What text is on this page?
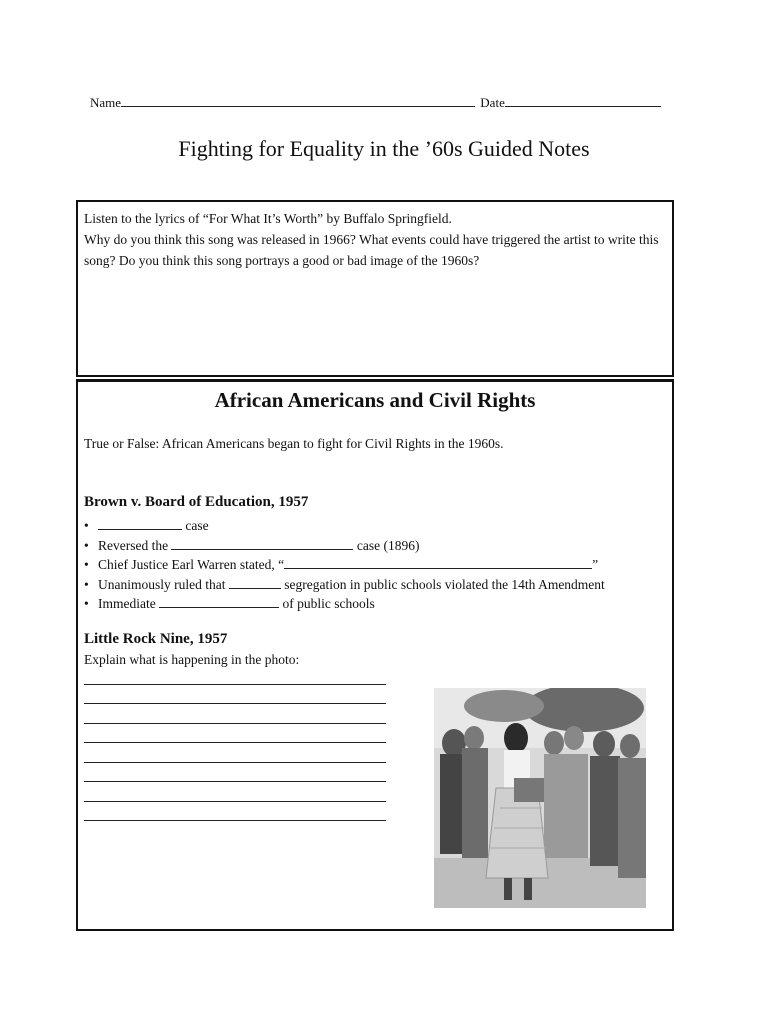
Name	Date
Fighting for Equality in the ’60s Guided Notes
Listen to the lyrics of “For What It’s Worth” by Buffalo Springfield.
Why do you think this song was released in 1966? What events could have triggered the artist to write this song? Do you think this song portrays a good or bad image of the 1960s?
African Americans and Civil Rights
True or False: African Americans began to fight for Civil Rights in the 1960s.
Brown v. Board of Education, 1957
• case
• Reversed the	case (1896)
• Chief Justice Earl Warren stated, “	”
• Unanimously ruled that	segregation in public schools violated the 14th Amendment
• Immediate	of public schools
Little Rock Nine, 1957
Explain what is happening in the photo:
